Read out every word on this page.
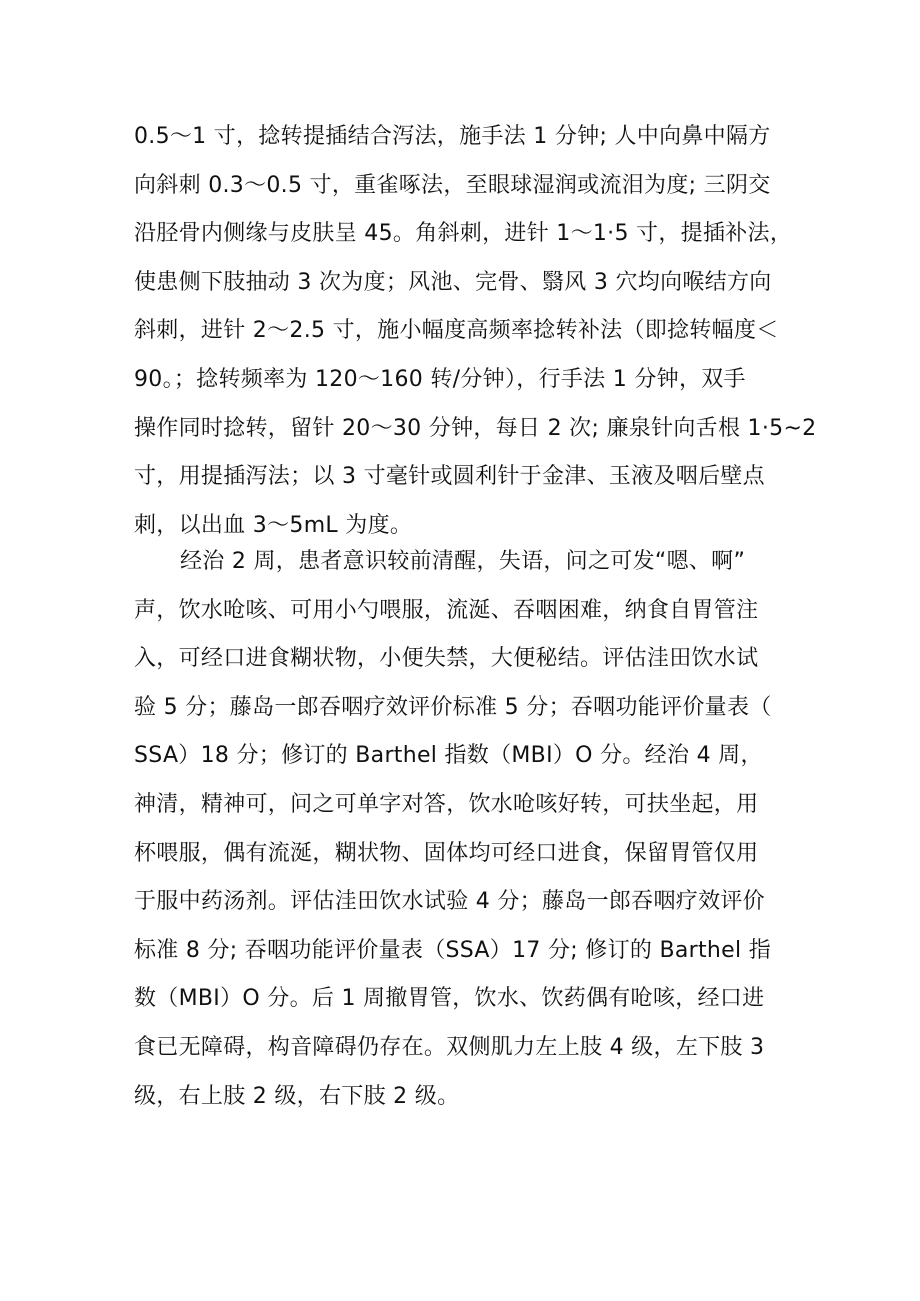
0.5～1 寸，捻转提插结合泻法，施手法 1 分钟; 人中向鼻中隔方
向斜刺 0.3～0.5 寸，重雀啄法，至眼球湿润或流泪为度; 三阴交
沿胫骨内侧缘与皮肤呈 45。角斜刺，进针 1～1·5 寸，提插补法，
使患侧下肢抽动 3 次为度；风池、完骨、翳风 3 穴均向喉结方向
斜刺，进针 2～2.5 寸，施小幅度高频率捻转补法（即捻转幅度＜
90。；捻转频率为 120～160 转/分钟），行手法 1 分钟，双手
操作同时捻转，留针 20～30 分钟，每日 2 次; 廉泉针向舌根 1·5~2
寸，用提插泻法；以 3 寸毫针或圆利针于金津、玉液及咽后壁点
刺，以出血 3～5mL 为度。

经治 2 周，患者意识较前清醒，失语，问之可发“嗯、啊”
声，饮水呛咳、可用小勺喂服，流涎、吞咽困难，纳食自胃管注
入，可经口进食糊状物，小便失禁，大便秘结。评估洼田饮水试
验 5 分；藤岛一郎吞咽疗效评价标准 5 分；吞咽功能评价量表（
SSA）18 分；修订的 Barthel 指数（MBI）O 分。经治 4 周，
神清，精神可，问之可单字对答，饮水呛咳好转，可扶坐起，用
杯喂服，偶有流涎，糊状物、固体均可经口进食，保留胃管仅用
于服中药汤剂。评估洼田饮水试验 4 分；藤岛一郎吞咽疗效评价
标准 8 分; 吞咽功能评价量表（SSA）17 分; 修订的 Barthel 指
数（MBI）O 分。后 1 周撤胃管，饮水、饮药偶有呛咳，经口进
食已无障碍，构音障碍仍存在。双侧肌力左上肢 4 级，左下肢 3
级，右上肢 2 级，右下肢 2 级。
